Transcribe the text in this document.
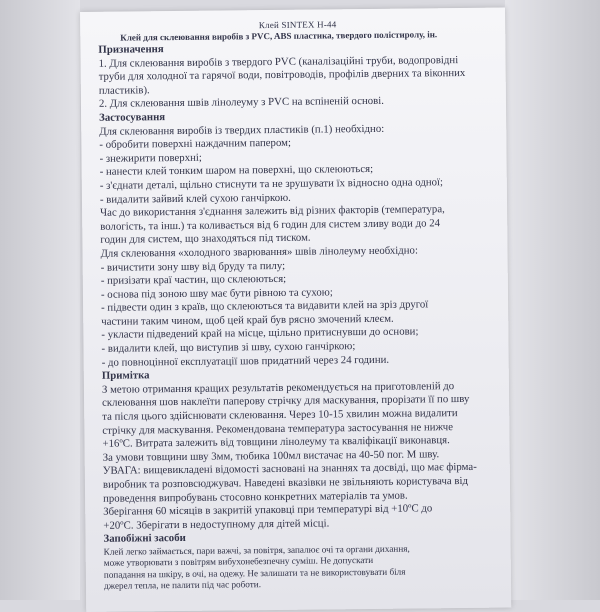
Клей SINTEX H-44
Клей для склеювання виробів з PVC, ABS пластика, твердого полістиролу, ін.
Призначення
1. Для склеювання виробів з твердого PVC (каналізаційні труби, водопровідні
труби для холодної та гарячої води, повітроводів, профілів дверних та віконних
пластиків).
2. Для склеювання швів лінолеуму з PVC на вспіненій основі.
Застосування
Для склеювання виробів із твердих пластиків (п.1) необхідно:
- обробити поверхні наждачним папером;
- знежирити поверхні;
- нанести клей тонким шаром на поверхні, що склеюються;
- з'єднати деталі, щільно стиснути та не зрушувати їх відносно одна одної;
- видалити зайвий клей сухою ганчіркою.
Час до використання з'єднання залежить від різних факторів (температура,
вологість, та інш.) та коливається від 6 годин для систем зливу води до 24
годин для систем, що знаходяться під тиском.
Для склеювання «холодного зварювання» швів лінолеуму необхідно:
- вичистити зону шву від бруду та пилу;
- призізати краї частин, що склеюються;
- основа під зоною шву має бути рівною та сухою;
- підвести один з країв, що склеюються та видавити клей на зріз другої
частини таким чином, щоб цей край був рясно змочений клеєм.
- укласти підведений край на місце, щільно притиснувши до основи;
- видалити клей, що виступив зі шву, сухою ганчіркою;
- до повноцінної експлуатації шов придатний через 24 години.
Примітка
З метою отримання кращих результатів рекомендується на приготовленій до
склеювання шов наклеїти паперову стрічку для маскування, прорізати її по шву
та після цього здійснювати склеювання. Через 10-15 хвилин можна видалити
стрічку для маскування. Рекомендована температура застосування не нижче
+16ºС. Витрата залежить від товщини лінолеуму та кваліфікації виконавця.
За умови товщини шву 3мм, тюбика 100мл вистачає на 40-50 пог. М шву.
УВАГА: вищевикладені відомості засновані на знаннях та досвіді, що має фірма-
виробник та розповсюджувач. Наведені вказівки не звільняють користувача від
проведення випробувань стосовно конкретних матеріалів та умов.
Зберігання 60 місяців в закритій упаковці при температурі від +10ºС до
+20ºС. Зберігати в недоступному для дітей місці.
Запобіжні засоби
Клей легко займається, пари важчі, за повітря, запалює очі та органи дихання,
може утворювати з повітрям вибухонебезпечну суміш. Не допускати
попадання на шкіру, в очі, на одежу. Не залишати та не використовувати біля
джерел тепла, не палити під час роботи.
